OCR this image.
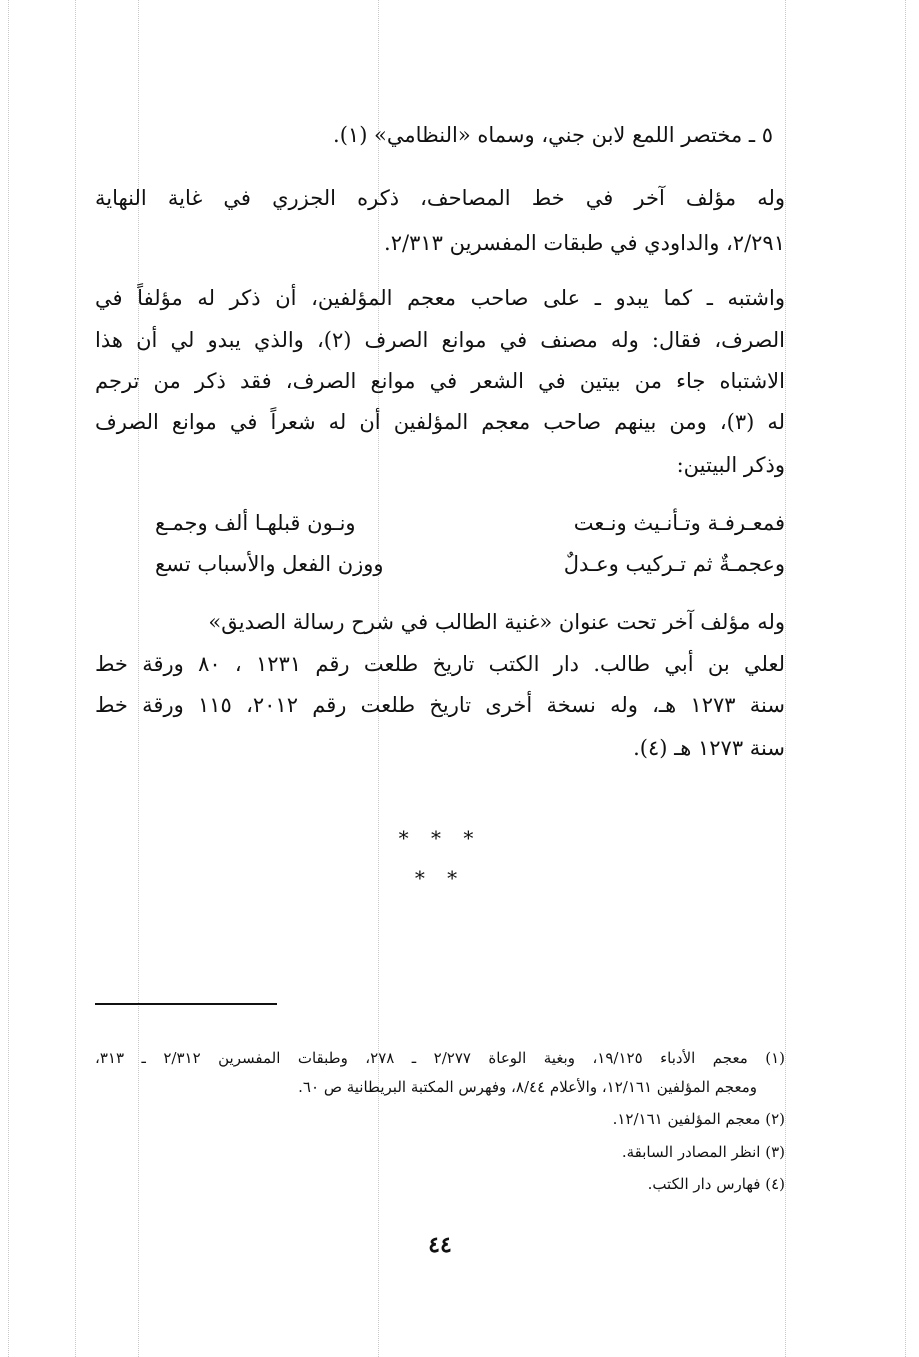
٥ ـ مختصر اللمع لابن جني، وسماه «النظامي» (١).
وله مؤلف آخر في خط المصاحف، ذكره الجزري في غاية النهاية
٢/٢٩١، والداودي في طبقات المفسرين ٢/٣١٣.
واشتبه ـ كما يبدو ـ على صاحب معجم المؤلفين، أن ذكر له مؤلفاً في
الصرف، فقال: وله مصنف في موانع الصرف (٢)، والذي يبدو لي أن هذا
الاشتباه جاء من بيتين في الشعر في موانع الصرف، فقد ذكر من ترجم
له (٣)، ومن بينهم صاحب معجم المؤلفين أن له شعراً في موانع الصرف
وذكر البيتين:
فمعـرفـة وتـأنـيث ونـعت
ونـون قبلهـا ألف وجمـع
وعجمـةٌ ثم تـركيب وعـدلٌ
ووزن الفعل والأسباب تسع
وله مؤلف آخر تحت عنوان «غنية الطالب في شرح رسالة الصديق»
لعلي بن أبي طالب. دار الكتب تاريخ طلعت رقم ١٢٣١ ، ٨٠ ورقة خط
سنة ١٢٧٣ هـ، وله نسخة أخرى تاريخ طلعت رقم ٢٠١٢، ١١٥ ورقة خط
سنة ١٢٧٣ هـ (٤).
* * *
* *
(١) معجم الأدباء ١٩/١٢٥، وبغية الوعاة ٢/٢٧٧ ـ ٢٧٨، وطبقات المفسرين ٢/٣١٢ ـ ٣١٣،
ومعجم المؤلفين ١٢/١٦١، والأعلام ٨/٤٤، وفهرس المكتبة البريطانية ص ٦٠.
(٢) معجم المؤلفين ١٢/١٦١.
(٣) انظر المصادر السابقة.
(٤) فهارس دار الكتب.
٤٤
